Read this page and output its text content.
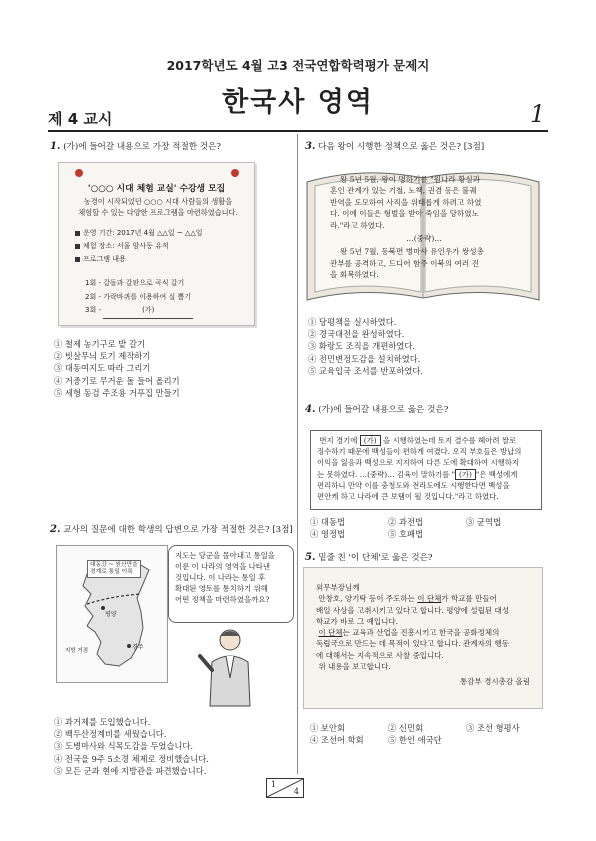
2017학년도 4월 고3 전국연합학력평가 문제지
한국사 영역
제 4 교시	1
1. (가)에 들어갈 내용으로 가장 적절한 것은?
'○○○ 시대 체험 교실' 수강생 모집
농경이 시작되었던 ○○○ 시대 사람들의 생활을
체험할 수 있는 다양한 프로그램을 마련하였습니다.
운영 기간: 2017년 4월 △△일 ~ △△일
체험 장소: 서울 암사동 유적
프로그램 내용
1회 - 갈돌과 갈판으로 곡식 갈기
2회 - 가락바퀴를 이용하여 실 뽑기
3회 -	(가)
① 철제 농기구로 밭 갈기
② 빗살무늬 토기 제작하기
③ 대동여지도 따라 그리기
④ 거중기로 무거운 돌 들어 올리기
⑤ 세형 동검 주조용 거푸집 만들기
2. 교사의 질문에 대한 학생의 답변으로 가장 적절한 것은? [3점]
대동강 ~ 원산만을
경계로 통일 이룩
평양
경주
지방 거점
지도는 당군을 몰아내고 통일을
이룬 이 나라의 영역을 나타낸
것입니다. 이 나라는 통일 후
확대된 영토를 통치하기 위해
어떤 정책을 마련하였을까요?
① 과거제를 도입했습니다.
② 백두산정계비를 세웠습니다.
③ 도병마사와 식목도감을 두었습니다.
④ 전국을 9주 5소경 체제로 정비했습니다.
⑤ 모든 군과 현에 지방관을 파견했습니다.
3. 다음 왕이 시행한 정책으로 옳은 것은? [3점]

왕 5년 5월, 왕이 명하기를 "원나라 황실과
혼인 관계가 있는 기철, 노책, 권겸 등은 불궤
반역을 도모하여 사직을 위태롭게 하려고 하였
다. 이에 이들은 형벌을 받아 죽임을 당하였노
라."라고 하였다.

…(중략)…

왕 5년 7월, 동북면 병마사 유인우가 쌍성총
관부를 공격하고, 드디어 함주 이북의 여러 진
을 회복하였다.

① 당평책을 실시하였다.
② 경국대전을 완성하였다.
③ 화랑도 조직을 개편하였다.
④ 전민변정도감을 설치하였다.
⑤ 교육입국 조서를 반포하였다.
4. (가)에 들어갈 내용으로 옳은 것은?
번지 경기에 (가) 을 시행하였는데 토지 결수를 헤아려 쌀로
징수하기 때문에 백성들이 편하게 여겼다. 오직 부호들은 방납의
이익을 잃음과 백성으로 지지하여 다른 도에 확대하여 시행하지
는 못하였다. …(중략)… 김육이 말하기를 " (가) "은 백성에게
편리하니 만약 이를 충청도와 전라도에도 시행한다면 백성을
편안케 하고 나라에 큰 보탬이 될 것입니다."라고 하였다.
① 대동법	② 과전법	③ 균역법
④ 영정법	⑤ 호패법
5. 밑줄 친 '이 단체'로 옳은 것은?

외무부장님께

안창호, 양기탁 등이 주도하는 이 단체가 학교를 만들어

배일 사상을 고취시키고 있다고 합니다. 평양에 설립된 대성

학교가 바로 그 예입니다.

이 단체는 교육과 산업을 진흥시키고 한국을 공화정체의

독립국으로 만드는 데 목적이 있다고 합니다. 관계자의 행동

에 대해서는 지속적으로 사찰 중입니다.

위 내용을 보고합니다.

통감부 경시총감 올림

① 보안회	② 신민회	③ 조선 형평사
④ 조선어 학회	⑤ 한인 애국단
1
4
